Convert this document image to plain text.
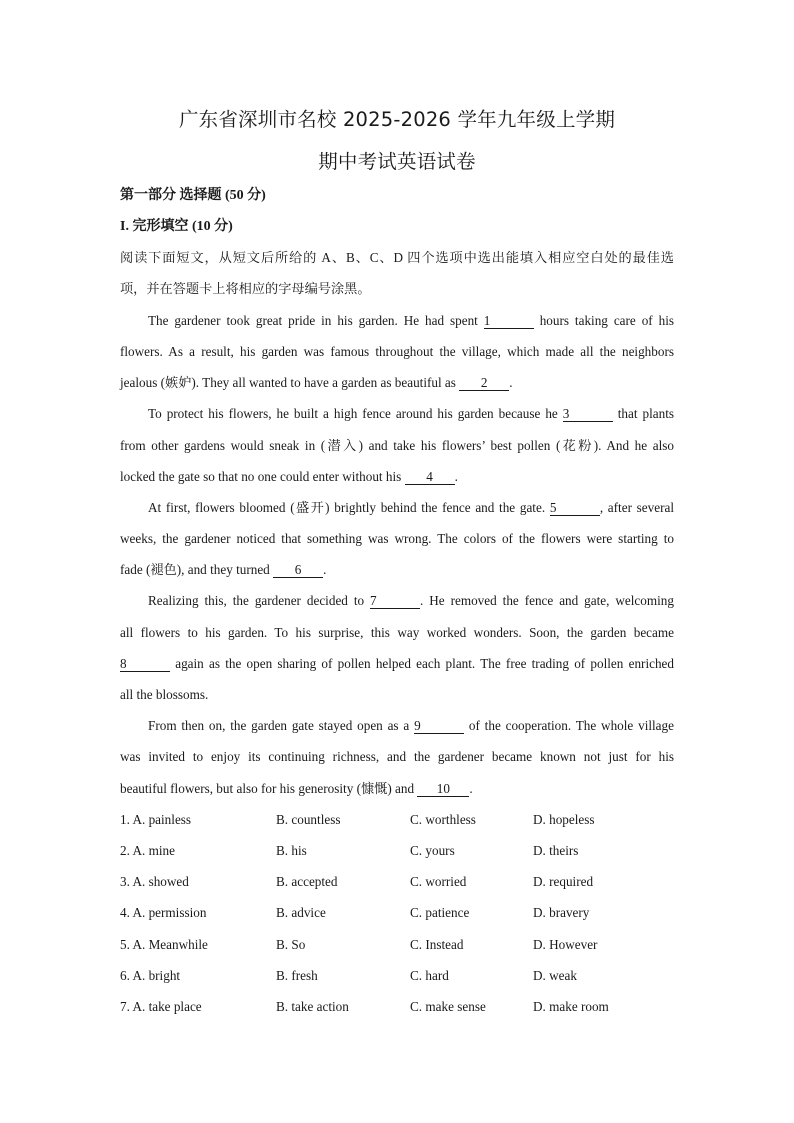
广东省深圳市名校 2025-2026 学年九年级上学期
期中考试英语试卷
第一部分 选择题 (50 分)
I. 完形填空 (10 分)
阅读下面短文，从短文后所给的 A、B、C、D 四个选项中选出能填入相应空白处的最佳选
项，并在答题卡上将相应的字母编号涂黑。
The gardener took great pride in his garden. He had spent 1	hours taking care of his
flowers. As a result, his garden was famous throughout the village, which made all the neighbors
jealous (嫉妒). They all wanted to have a garden as beautiful as 2 .
To protect his flowers, he built a high fence around his garden because he 3	that plants
from other gardens would sneak in (潜入) and take his flowers’ best pollen (花粉). And he also
locked the gate so that no one could enter without his 4 .
At first, flowers bloomed (盛开) brightly behind the fence and the gate. 5	, after several
weeks, the gardener noticed that something was wrong. The colors of the flowers were starting to
fade (褪色), and they turned 6 .
Realizing this, the gardener decided to 7	. He removed the fence and gate, welcoming
all flowers to his garden. To his surprise, this way worked wonders. Soon, the garden became
8	again as the open sharing of pollen helped each plant. The free trading of pollen enriched
all the blossoms.
From then on, the garden gate stayed open as a 9	of the cooperation. The whole village
was invited to enjoy its continuing richness, and the gardener became known not just for his
beautiful flowers, but also for his generosity (慷慨) and 10 .
1. A. painless	B. countless	C. worthless	D. hopeless
2. A. mine	B. his	C. yours	D. theirs
3. A. showed	B. accepted	C. worried	D. required
4. A. permission	B. advice	C. patience	D. bravery
5. A. Meanwhile	B. So	C. Instead	D. However
6. A. bright	B. fresh	C. hard	D. weak
7. A. take place	B. take action	C. make sense	D. make room
